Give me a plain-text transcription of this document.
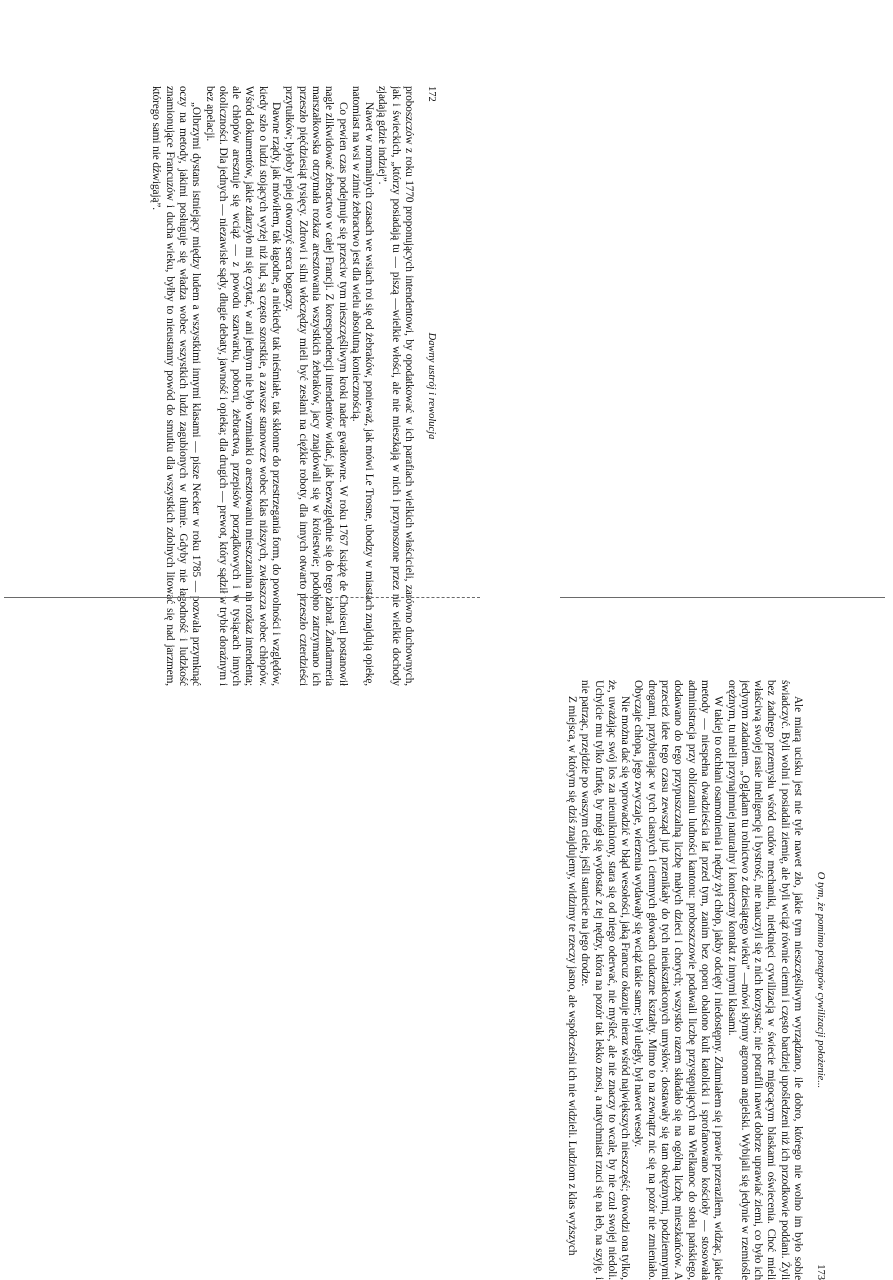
172
Dawny ustrój i rewolucja

proboszczów z roku 1770 proponujących intendentowi, by opodatkować w ich parafiach wielkich właścicieli, zarówno duchownych, jak i świeckich, „którzy posiadają tu — piszą —wielkie włości, ale nie mieszkają w nich i przynoszone przez nie wielkie dochody zjadają gdzie indziej”.

Nawet w normalnych czasach we wsiach roi się od żebraków, ponieważ, jak mówi Le Trosne, ubodzy w miastach znajdują opiekę, natomiast na wsi w zimie żebractwo jest dla wielu absolutną koniecznością.

Co pewien czas podejmuje się przeciw tym nieszczęśliwym kroki nader gwałtowne. W roku 1767 książę de Choiseul postanowił nagle zlikwidować żebractwo w całej Francji. Z korespondencji intendentów widać, jak bezwzględnie się do tego zabrał. Żandarmeria marszałkowska otrzymała rozkaz aresztowania wszystkich żebraków, jacy znajdowali się w królestwie; podobno zatrzymano ich przeszło pięćdziesiąt tysięcy. Zdrowi i silni włóczędzy mieli być zesłani na ciężkie roboty, dla innych otwarto przeszło czterdzieści przytułków; byłoby lepiej otworzyć serca bogaczy.

Dawne rządy, jak mówiłem, tak łagodne, a niekiedy tak nieśmiałe, tak skłonne do przestrzegania form, do powolności i względów, kiedy szło o ludzi stojących wyżej niż lud, są często szorstkie, a zawsze stanowcze wobec klas niższych, zwłaszcza wobec chłopów. Wśród dokumentów, jakie zdarzyło mi się czytać, w ani jednym nie było wzmianki o aresztowaniu mieszczanina na rozkaz intendenta; ale chłopów aresztuje się wciąż — z powodu szarwarku, poboru, żebractwa, przepisów porządkowych i w tysiącach innych okoliczności. Dla jednych — niezawisłe sądy, długie debaty, jawność i opieka; dla drugich — prewot, który sądził w trybie doraźnym i bez apelacji.

„Olbrzymi dystans istniejący między ludem a wszystkimi innymi klasami — pisze Necker w roku 1785 — pozwala przymknąć oczy na metody, jakimi posługuje się władza wobec wszystkich ludzi zagubionych w tłumie. Gdyby nie łagodność i ludzkość znamionujące Francuzów i ducha wieku, byłby to nieustanny powód do smutku dla wszystkich zdolnych litować się nad jarzmem, którego sami nie dźwigają”.

O tym, że pomimo postępów cywilizacji położenie...
173

Ale miarą ucisku jest nie tyle nawet zło, jakie tym nieszczęśliwym wyrządzano, ile dobro, którego nie wolno im było sobie świadczyć. Byli wolni i posiadali ziemię, ale byli wciąż równie ciemni i często bardziej upośledzeni niż ich przodkowie poddani. Żyli bez żadnego przemysłu wśród cudów mechaniki, nietknięci cywilizacją w świecie migocącym blaskami oświecenia. Choć mieli właściwą swojej rasie inteligencję i bystrość, nie nauczyli się z nich korzystać; nie potrafili nawet dobrze uprawiać ziemi, co było ich jedynym zadaniem. „Oglądam tu rolnictwo z dziesiątego wieku” —mówi słynny agronom angielski. Wybijali się jedynie w rzemiośle orężnym, tu mieli przynajmniej naturalny i konieczny kontakt z innymi klasami.

W takiej to otchłani osamotnienia i nędzy żył chłop, jakby odcięty i niedostępny. Zdumiałem się i prawie przeraziłem, widząc, jakie metody — niespełna dwadzieścia lat przed tym, zanim bez oporu obalono kult katolicki i sprofanowano kościoły — stosowała administracja przy obliczaniu ludności kantonu: proboszczowie podawali liczbę przystępujących na Wielkanoc do stołu pańskiego, dodawano do tego przypuszczalną liczbę małych dzieci i chorych; wszystko razem składało się na ogólną liczbę mieszkańców. A przecież idee tego czasu zewsząd już przenikały do tych nieukształconych umysłów; dostawały się tam okrężnymi, podziemnymi drogami, przybierając w tych ciasnych i ciemnych głowach cudaczne kształty. Mimo to na zewnątrz nic się na pozór nie zmieniało. Obyczaje chłopa, jego zwyczaje, wierzenia wydawały się wciąż takie same; był uległy, był nawet wesoły.

Nie można dać się wprowadzić w błąd wesołości, jaką Francuz okazuje nieraz wśród największych nieszczęść; dowodzi ona tylko, że, uważając swój los za nieunikniony, stara się od niego oderwać, nie myśleć, ale nie znaczy to wcale, by nie czuł swojej niedoli. Uchylcie mu tylko furtkę, by mógł się wydostać z tej nędzy, która na pozór tak lekko znosi, a natychmiast rzuci się na łeb, na szyję, i nie patrząc, przejdzie po waszym ciele, jeśli staniecie na jego drodze.

Z miejsca, w którym się dziś znajdujemy, widzimy te rzeczy jasno, ale współcześni ich nie widzieli. Ludziom z klas wyższych
